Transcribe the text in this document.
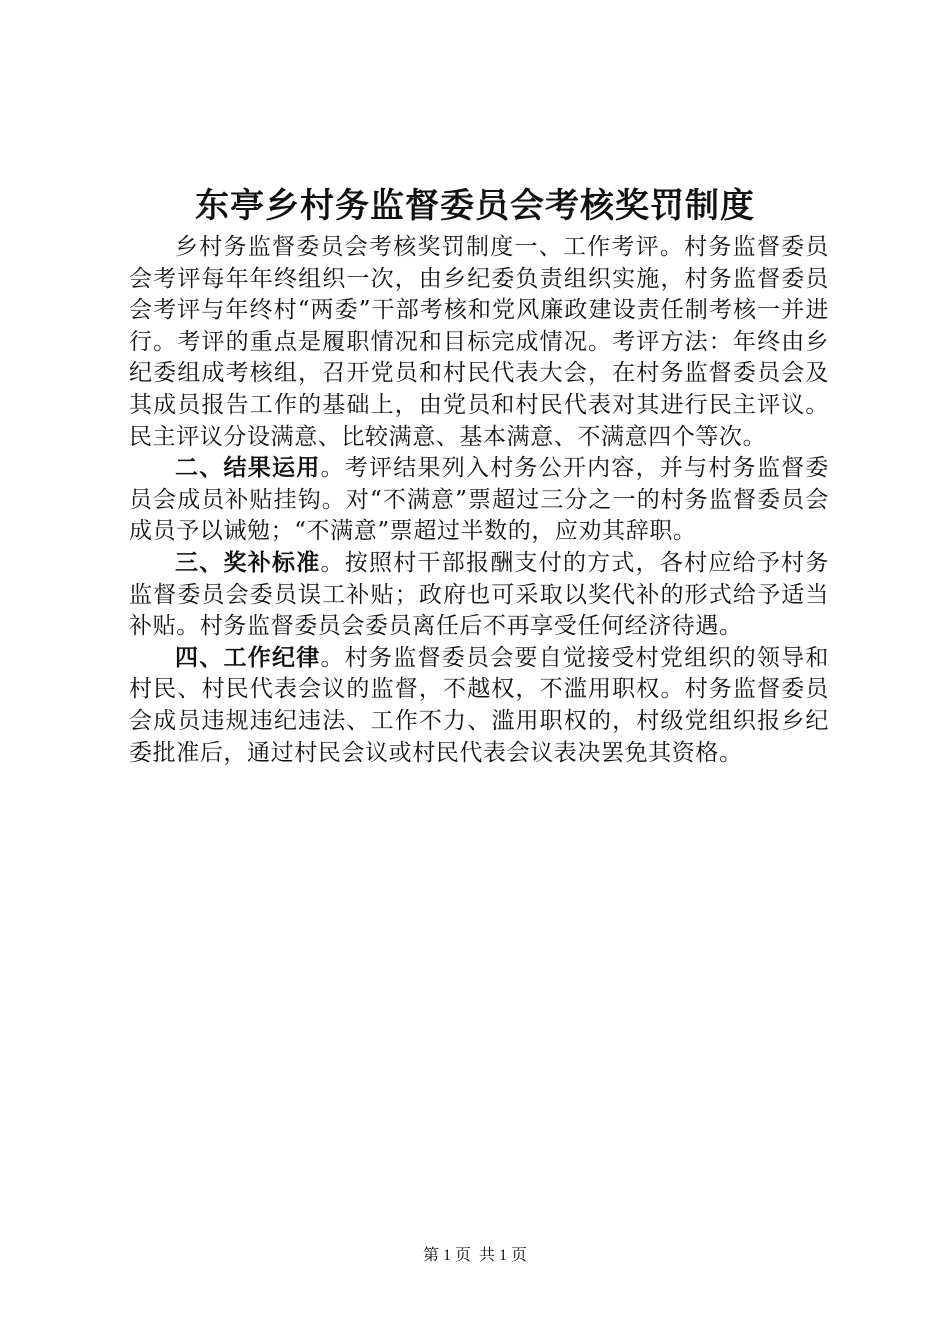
东亭乡村务监督委员会考核奖罚制度

乡村务监督委员会考核奖罚制度一、工作考评。村务监督委员会考评每年年终组织一次，由乡纪委负责组织实施，村务监督委员会考评与年终村“两委”干部考核和党风廉政建设责任制考核一并进行。考评的重点是履职情况和目标完成情况。考评方法：年终由乡纪委组成考核组，召开党员和村民代表大会，在村务监督委员会及其成员报告工作的基础上，由党员和村民代表对其进行民主评议。民主评议分设满意、比较满意、基本满意、不满意四个等次。

二、结果运用。考评结果列入村务公开内容，并与村务监督委员会成员补贴挂钩。对“不满意”票超过三分之一的村务监督委员会成员予以诫勉；“不满意”票超过半数的，应劝其辞职。

三、奖补标准。按照村干部报酬支付的方式，各村应给予村务监督委员会委员误工补贴；政府也可采取以奖代补的形式给予适当补贴。村务监督委员会委员离任后不再享受任何经济待遇。

四、工作纪律。村务监督委员会要自觉接受村党组织的领导和村民、村民代表会议的监督，不越权，不滥用职权。村务监督委员会成员违规违纪违法、工作不力、滥用职权的，村级党组织报乡纪委批准后，通过村民会议或村民代表会议表决罢免其资格。

第 1 页 共 1 页
